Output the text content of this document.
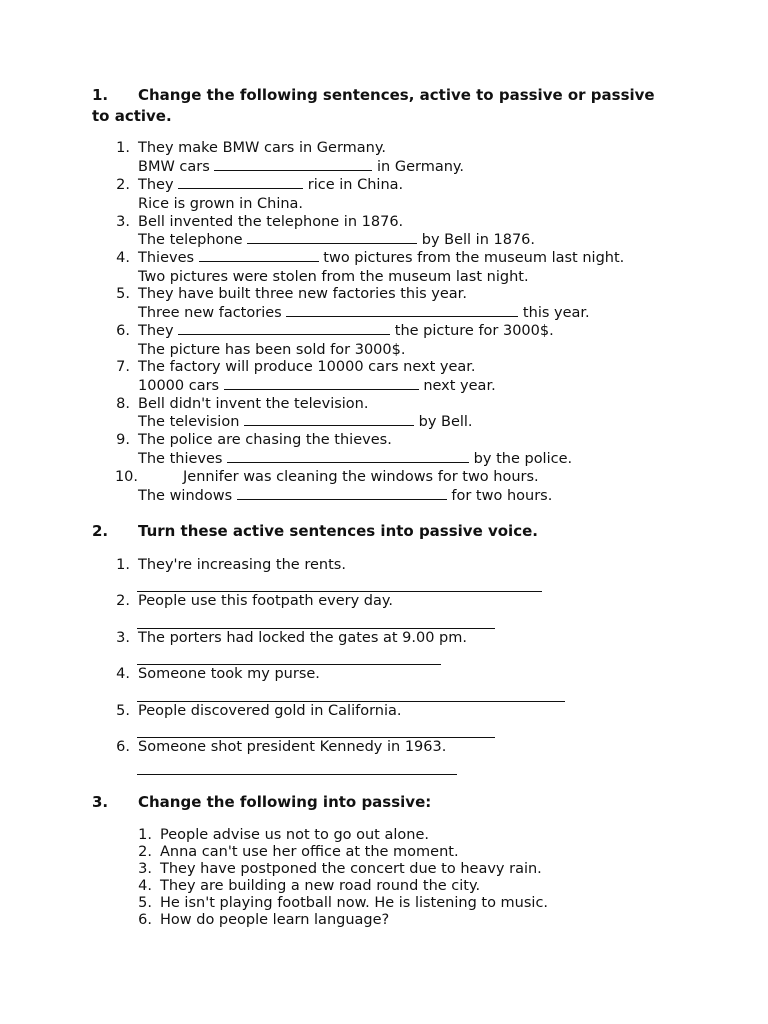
1. Change the following sentences, active to passive or passive
to active.
1. They make BMW cars in Germany.
BMW cars	in Germany.
2. They	rice in China.
Rice is grown in China.
3. Bell invented the telephone in 1876.
The telephone	by Bell in 1876.
4. Thieves	two pictures from the museum last night.
Two pictures were stolen from the museum last night.
5. They have built three new factories this year.
Three new factories	this year.
6. They	the picture for 3000$.
The picture has been sold for 3000$.
7. The factory will produce 10000 cars next year.
10000 cars	next year.
8. Bell didn't invent the television.
The television	by Bell.
9. The police are chasing the thieves.
The thieves	by the police.
10.	Jennifer was cleaning the windows for two hours.
The windows	for two hours.
2. Turn these active sentences into passive voice.
1. They're increasing the rents.
2. People use this footpath every day.
3. The porters had locked the gates at 9.00 pm.
4. Someone took my purse.
5. People discovered gold in California.
6. Someone shot president Kennedy in 1963.
3. Change the following into passive:
1. People advise us not to go out alone.
2. Anna can't use her office at the moment.
3. They have postponed the concert due to heavy rain.
4. They are building a new road round the city.
5. He isn't playing football now. He is listening to music.
6. How do people learn language?
